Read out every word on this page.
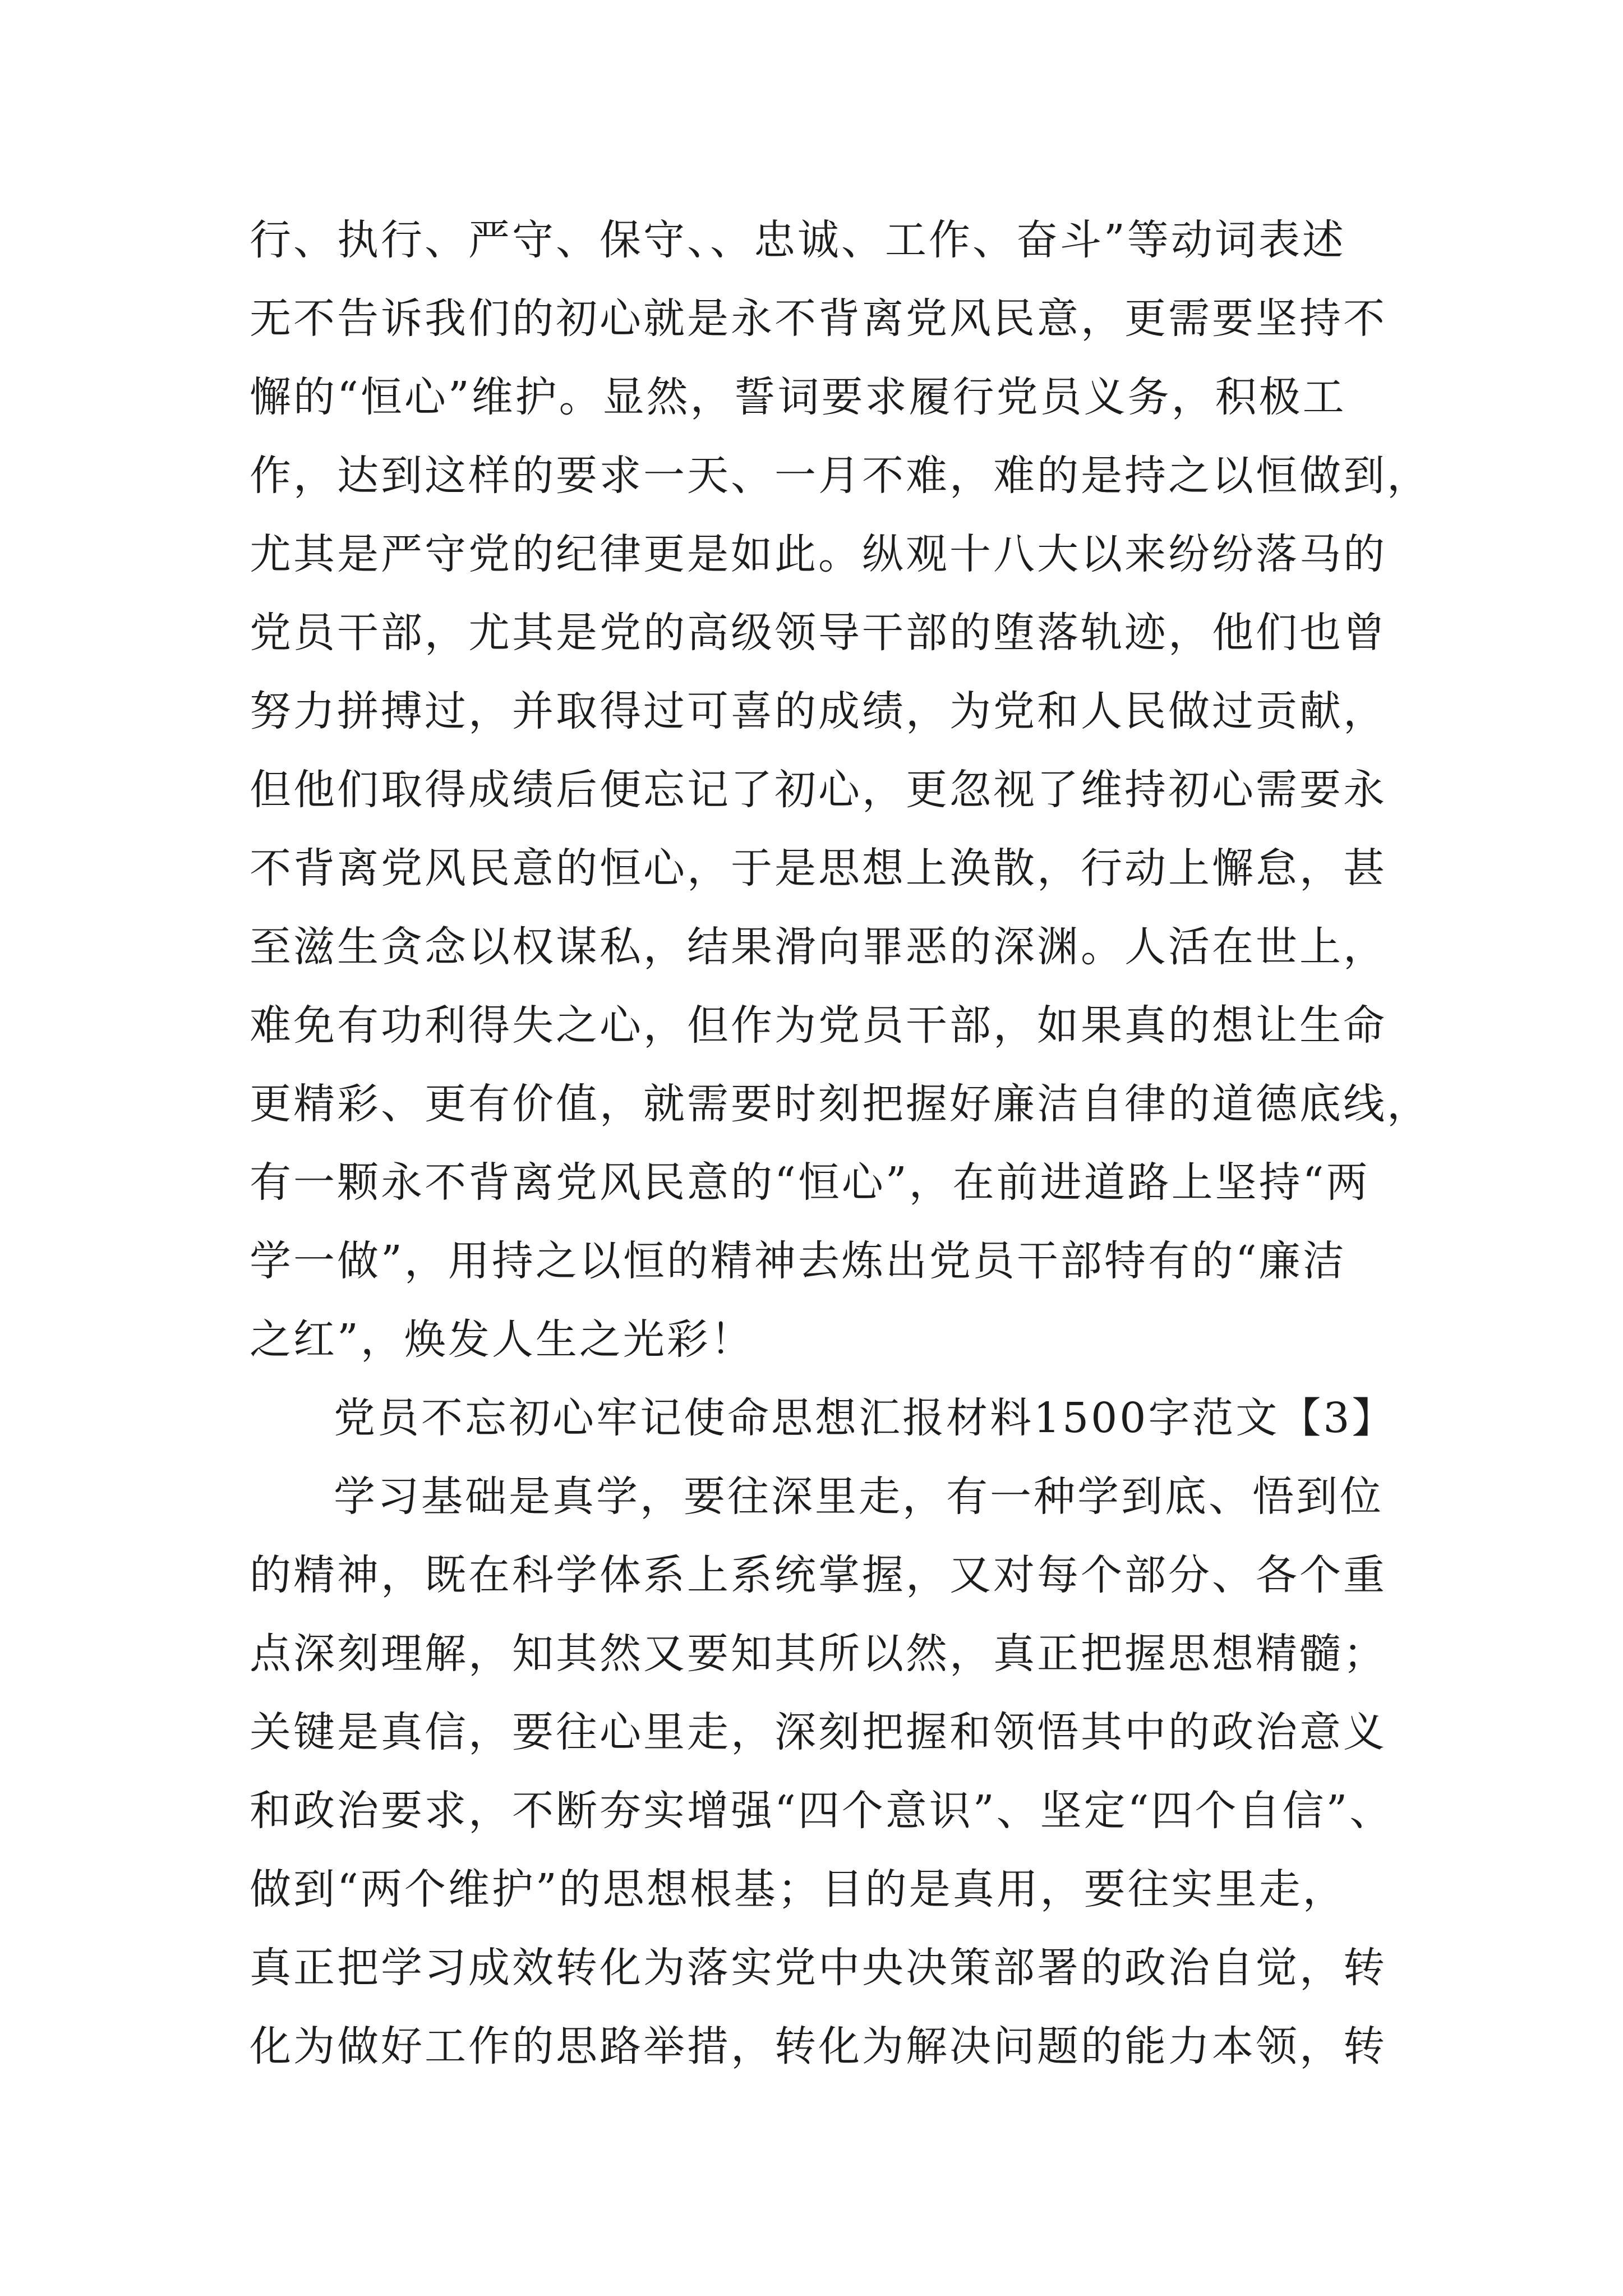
行、执行、严守、保守、、忠诚、工作、奋斗”等动词表述

无不告诉我们的初心就是永不背离党风民意，更需要坚持不

懈的“恒心”维护。显然，誓词要求履行党员义务，积极工

作，达到这样的要求一天、一月不难，难的是持之以恒做到，

尤其是严守党的纪律更是如此。纵观十八大以来纷纷落马的

党员干部，尤其是党的高级领导干部的堕落轨迹，他们也曾

努力拼搏过，并取得过可喜的成绩，为党和人民做过贡献，

但他们取得成绩后便忘记了初心，更忽视了维持初心需要永

不背离党风民意的恒心，于是思想上涣散，行动上懈怠，甚

至滋生贪念以权谋私，结果滑向罪恶的深渊。人活在世上，

难免有功利得失之心，但作为党员干部，如果真的想让生命

更精彩、更有价值，就需要时刻把握好廉洁自律的道德底线，

有一颗永不背离党风民意的“恒心”，在前进道路上坚持“两

学一做”，用持之以恒的精神去炼出党员干部特有的“廉洁

之红”，焕发人生之光彩！

党员不忘初心牢记使命思想汇报材料1500字范文【3】

学习基础是真学，要往深里走，有一种学到底、悟到位

的精神，既在科学体系上系统掌握，又对每个部分、各个重

点深刻理解，知其然又要知其所以然，真正把握思想精髓；

关键是真信，要往心里走，深刻把握和领悟其中的政治意义

和政治要求，不断夯实增强“四个意识”、坚定“四个自信”、

做到“两个维护”的思想根基；目的是真用，要往实里走，

真正把学习成效转化为落实党中央决策部署的政治自觉，转

化为做好工作的思路举措，转化为解决问题的能力本领，转
